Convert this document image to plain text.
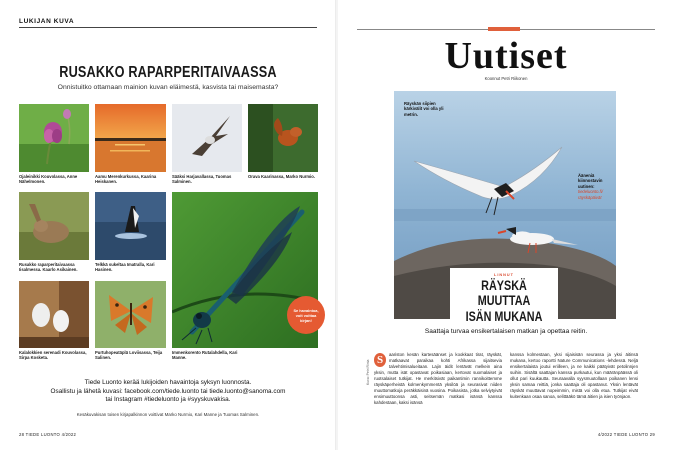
LUKIJAN KUVA
RUSAKKO RAPARPERITAIVAASSA
Onnistuitko ottamaan mainion kuvan eläimestä, kasvista tai maisemasta?
Ojaleinikki Kouvolassa, Anne Nähelmonen.
Aamu Merenkurkussa, Kaarina Heiskanen.
Sääksi Harjavallassa, Tuomas Salminen.
Orava Kaarinassa, Marko Nurmio.
Se havaintoa, voit voittaa kirjan!
Rusakko raparperitaivaassa Iisalmessa. Kaarlo Asikainen.
Telkkä sukeltaa Imatralla, Kari Hasinen.
Immenkorento Rutalahdella, Kari Manne.
Kalalokkien serenadi Kouvolassa, Sirpa Kosketa.
Purtuhopeatäplä Loviisassa, Teija Salinen.
Tiede Luonto kerää lukijoiden havaintoja syksyn luonnosta.
Osallistu ja lähetä kuvasi: facebook.com/tiede.luonto tai tiede.luonto@sanoma.com
tai Instagram #tiedeluonto ja #syyskuvakisa.
Kesäkuvakisan toisen kirjapalkinnon voittivat Marko Nurmio, Kari Manne ja Tuomas Salminen.
28 TIEDE LUONTO 4/2022
Uutiset
Koonnut Petri Riikonen
Räyskän siipien kärkivälit voi olla yli metrin.
Ääneniä kiinnostavin uutinen: tiedeluonto.fi/ räyskäpäivät
Kuva: Petri Rinta
LINNUT
RÄYSKÄ MUUTTAA
ISÄN MUKANA
Saattaja turvaa ensikertalaisen matkan ja opettaa reitin.
S	aariston kesän kartesäänset ja kookkaat tirat, räyskät, matkaavat paraikaa kohti Afrikassa sijaitsevia talvehtimisalueitaan. Lajin äidit lentävät melkein aina yksin, mutta isät opastavat poikasiaan, kertovat suomalaiset ja ruotsalaiset tutkijat. He merkitsivät paikantimin rannikoittemme räyskäperheistä kolmenkymmentä yksilöä ja seurasivat niiden muuttomatkoja peräkkäisinä vuosina. Poikasista, jotka selviytyivät ensimuuttoonsa asti, seitsemän matkasi isänsä kanssa kahdestaan, kaksi isänsä
kanssa kolmestaan, yksi sijaisisän seurassa ja yksi äitinsä mukana, kertoo raportti Nature Communications -lehdessä. Neljä ensikertalaista joutui eriilleen, ja ne kaikki päätyivät petolinnjen suihin. Sisältä saattajan kanssa purkautui, kun määränpäässä oli ollut pari kuukautta. Seuraavalla syysmuutollaan poikanen lensi yksin samaa reittiä, jonka saattaja oli opastanut. Yksin lentävät räyskät muuttavat nopeimmin, mistä voi olla etua. Tutkijat eivät kuitenkaan osaa sanoa, selittääkö tämä äitien ja isien työnjaon.
4/2022 TIEDE LUONTO 29
